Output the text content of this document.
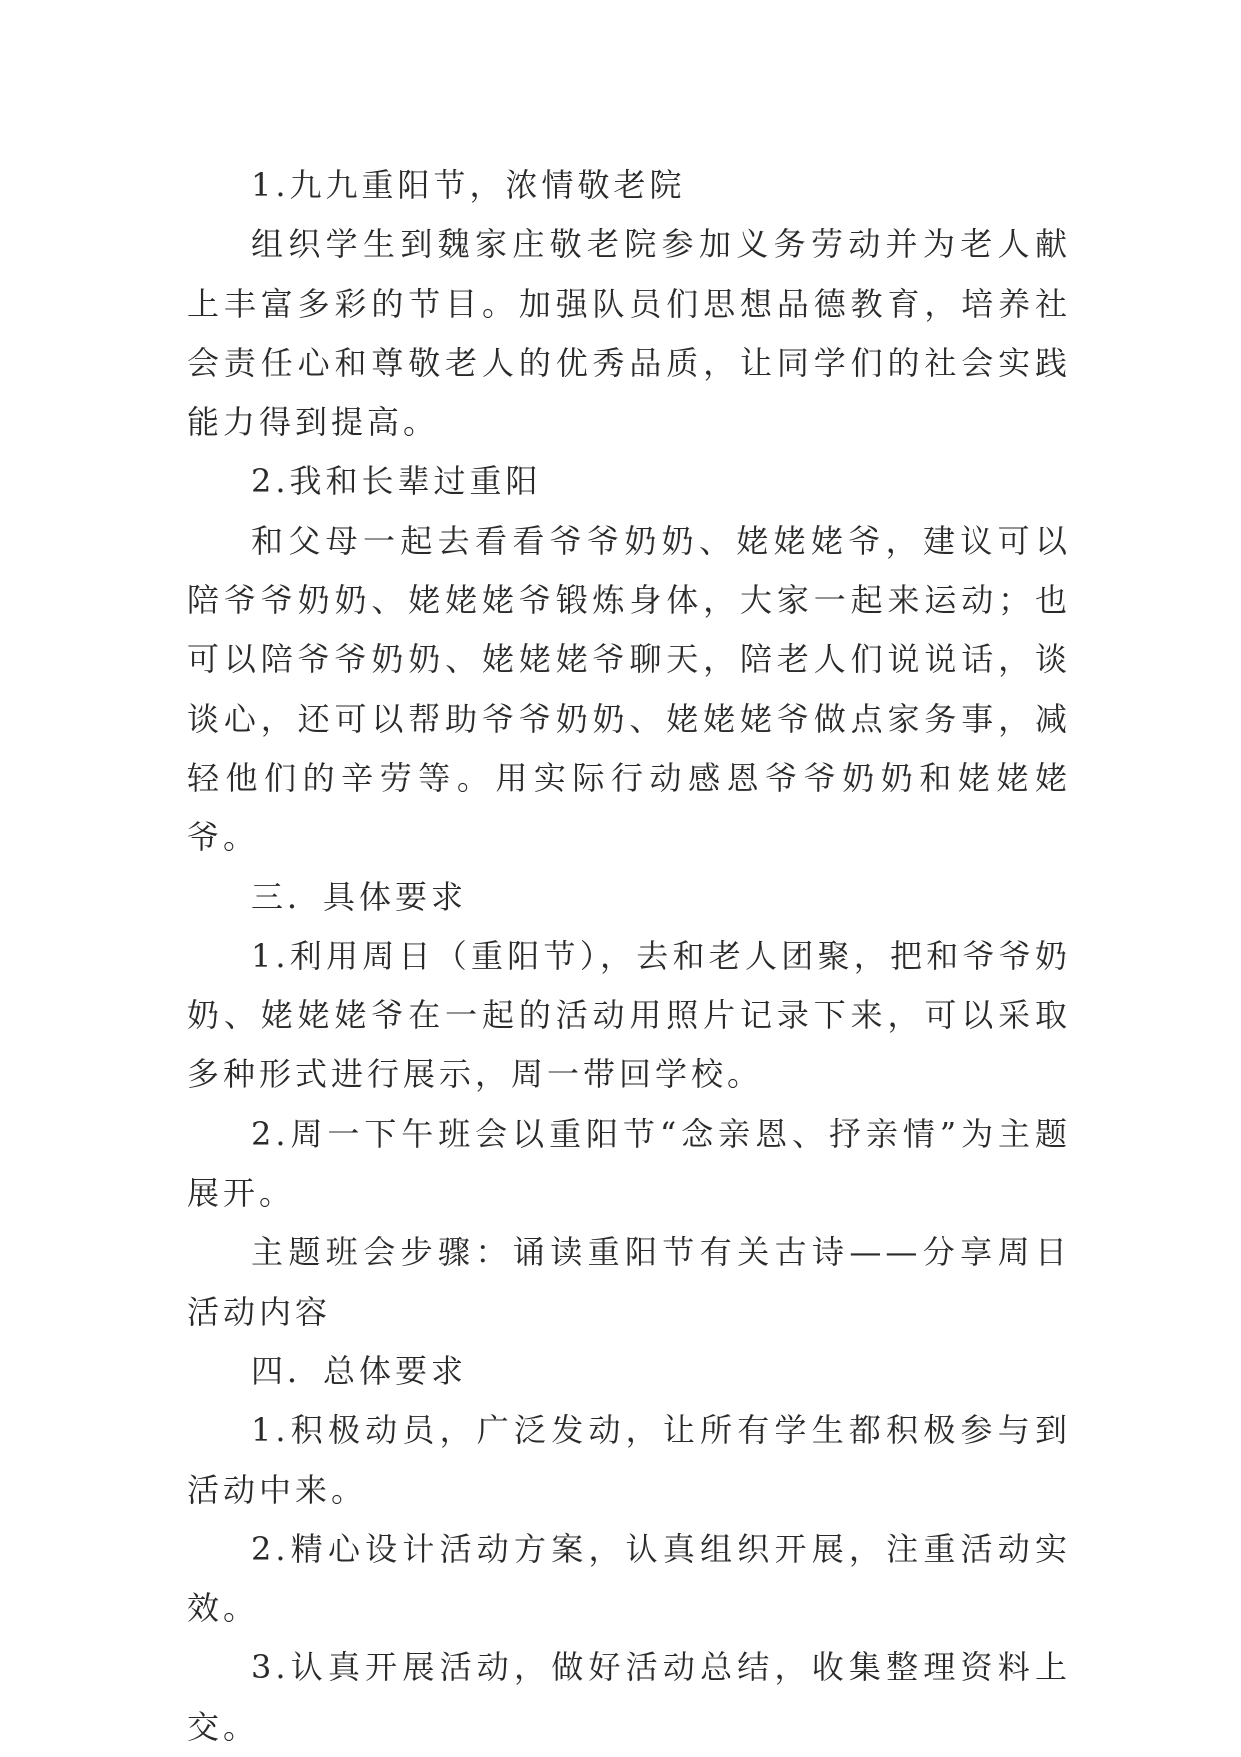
1.九九重阳节，浓情敬老院

组织学生到魏家庄敬老院参加义务劳动并为老人献上丰富多彩的节目。加强队员们思想品德教育，培养社会责任心和尊敬老人的优秀品质，让同学们的社会实践能力得到提高。

2.我和长辈过重阳

和父母一起去看看爷爷奶奶、姥姥姥爷，建议可以陪爷爷奶奶、姥姥姥爷锻炼身体，大家一起来运动；也可以陪爷爷奶奶、姥姥姥爷聊天，陪老人们说说话，谈谈心，还可以帮助爷爷奶奶、姥姥姥爷做点家务事，减轻他们的辛劳等。用实际行动感恩爷爷奶奶和姥姥姥爷。

三．具体要求

1.利用周日（重阳节），去和老人团聚，把和爷爷奶奶、姥姥姥爷在一起的活动用照片记录下来，可以采取多种形式进行展示，周一带回学校。

2.周一下午班会以重阳节“念亲恩、抒亲情”为主题展开。

主题班会步骤：诵读重阳节有关古诗——分享周日活动内容

四．总体要求

1.积极动员，广泛发动，让所有学生都积极参与到活动中来。

2.精心设计活动方案，认真组织开展，注重活动实效。

3.认真开展活动，做好活动总结，收集整理资料上交。
